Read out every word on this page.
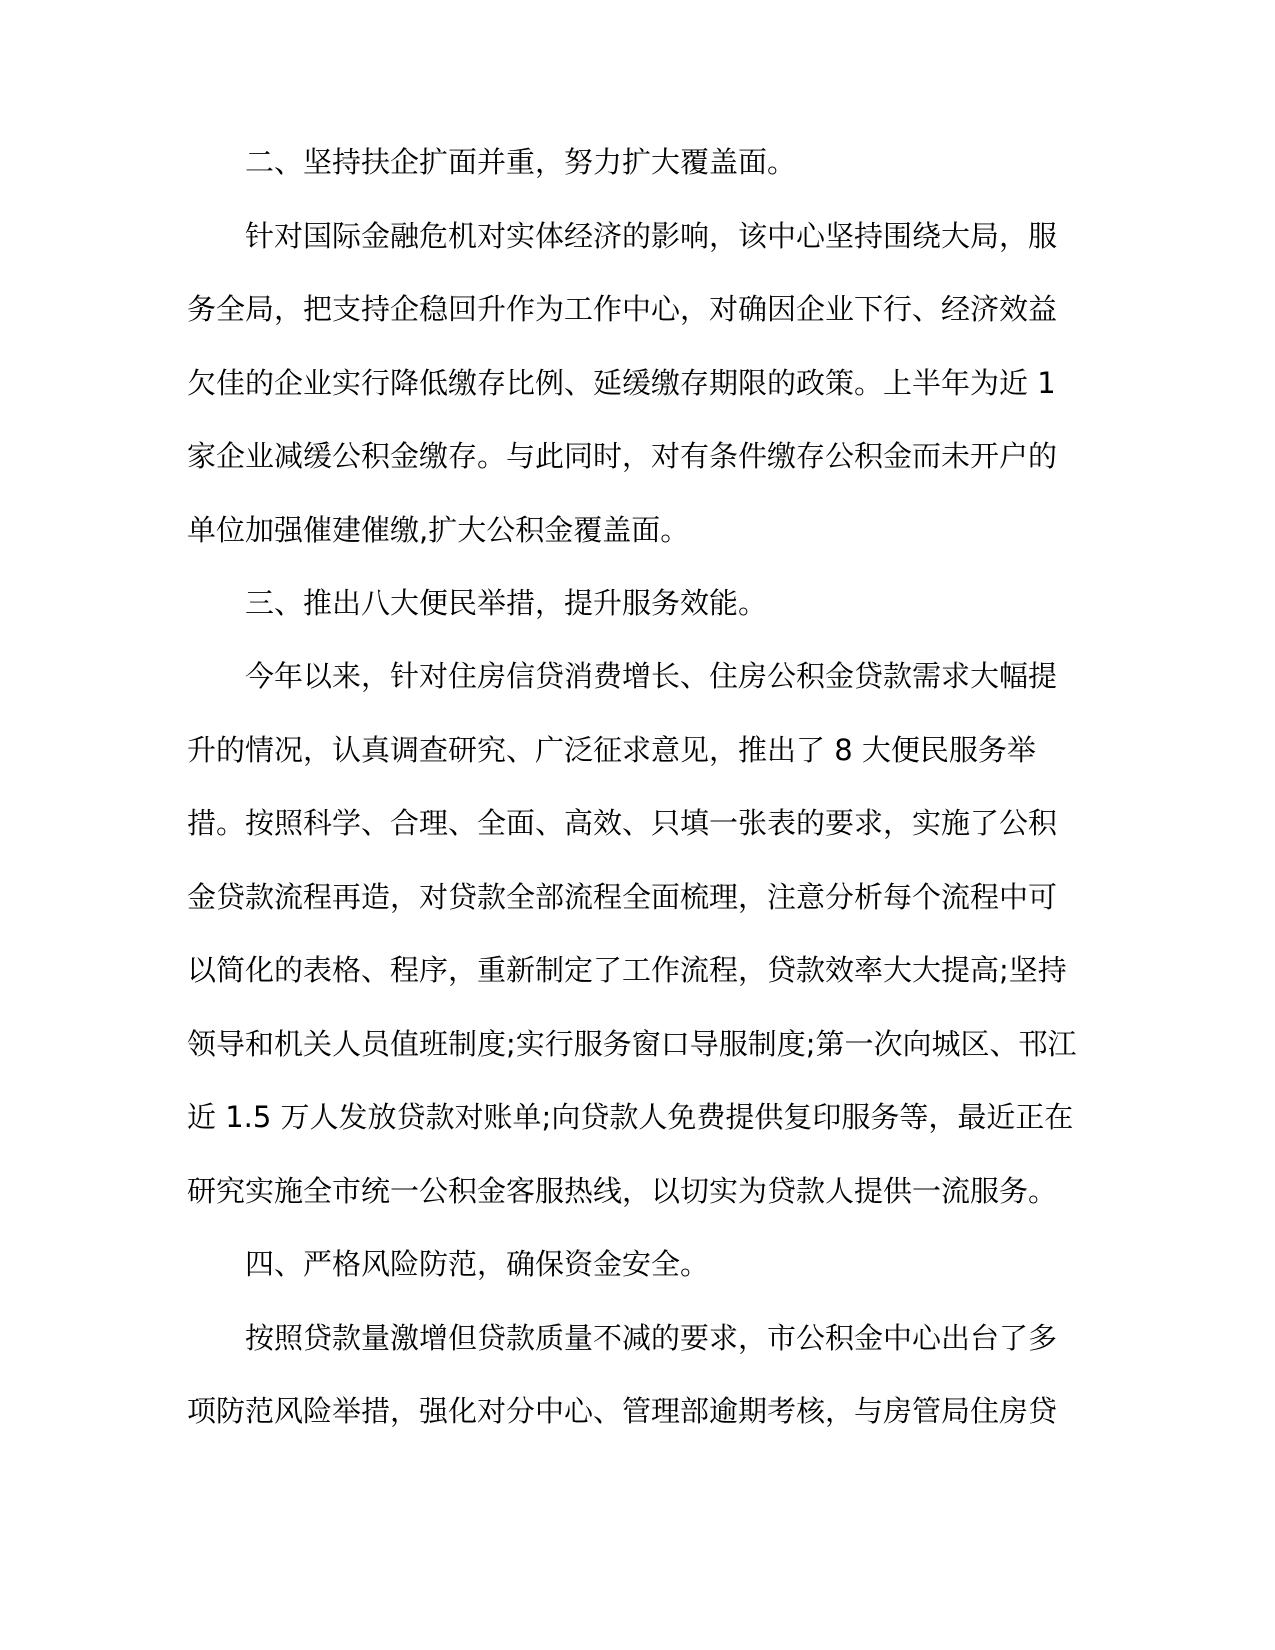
二、坚持扶企扩面并重，努力扩大覆盖面。
针对国际金融危机对实体经济的影响，该中心坚持围绕大局，服
务全局，把支持企稳回升作为工作中心，对确因企业下行、经济效益
欠佳的企业实行降低缴存比例、延缓缴存期限的政策。上半年为近 1
家企业减缓公积金缴存。与此同时，对有条件缴存公积金而未开户的
单位加强催建催缴,扩大公积金覆盖面。
三、推出八大便民举措，提升服务效能。
今年以来，针对住房信贷消费增长、住房公积金贷款需求大幅提
升的情况，认真调查研究、广泛征求意见，推出了 8 大便民服务举
措。按照科学、合理、全面、高效、只填一张表的要求，实施了公积
金贷款流程再造，对贷款全部流程全面梳理，注意分析每个流程中可
以简化的表格、程序，重新制定了工作流程，贷款效率大大提高;坚持
领导和机关人员值班制度;实行服务窗口导服制度;第一次向城区、邗江
近 1.5 万人发放贷款对账单;向贷款人免费提供复印服务等，最近正在
研究实施全市统一公积金客服热线，以切实为贷款人提供一流服务。
四、严格风险防范，确保资金安全。
按照贷款量激增但贷款质量不减的要求，市公积金中心出台了多
项防范风险举措，强化对分中心、管理部逾期考核，与房管局住房贷
